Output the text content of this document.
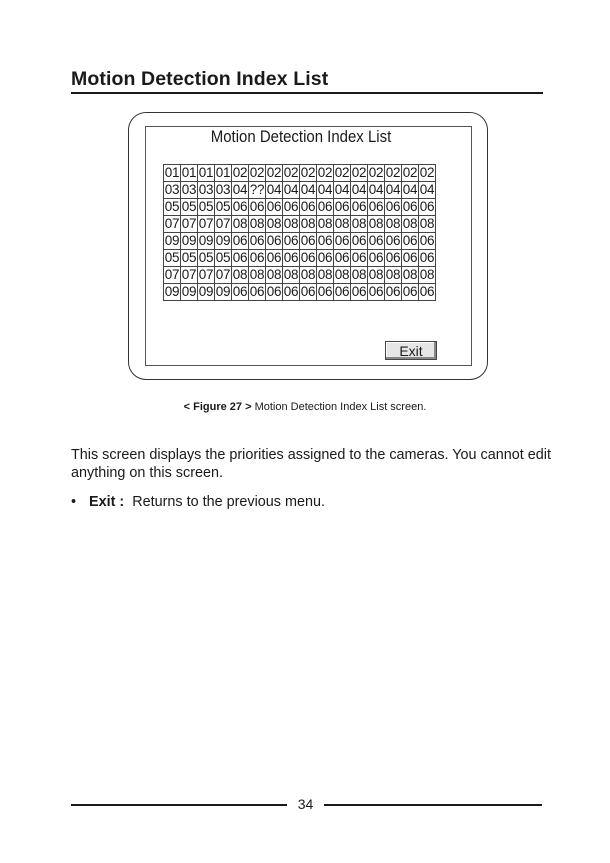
Motion Detection Index List
Motion Detection Index List
01	01	01	01	02	02	02	02	02	02	02	02	02	02	02	02
03	03	03	03	04	??	04	04	04	04	04	04	04	04	04	04
05	05	05	05	06	06	06	06	06	06	06	06	06	06	06	06
07	07	07	07	08	08	08	08	08	08	08	08	08	08	08	08
09	09	09	09	06	06	06	06	06	06	06	06	06	06	06	06
05	05	05	05	06	06	06	06	06	06	06	06	06	06	06	06
07	07	07	07	08	08	08	08	08	08	08	08	08	08	08	08
09	09	09	09	06	06	06	06	06	06	06	06	06	06	06	06
Exit
< Figure 27 > Motion Detection Index List screen.
This screen displays the priorities assigned to the cameras. You cannot edit anything on this screen.
• Exit : Returns to the previous menu.
34
